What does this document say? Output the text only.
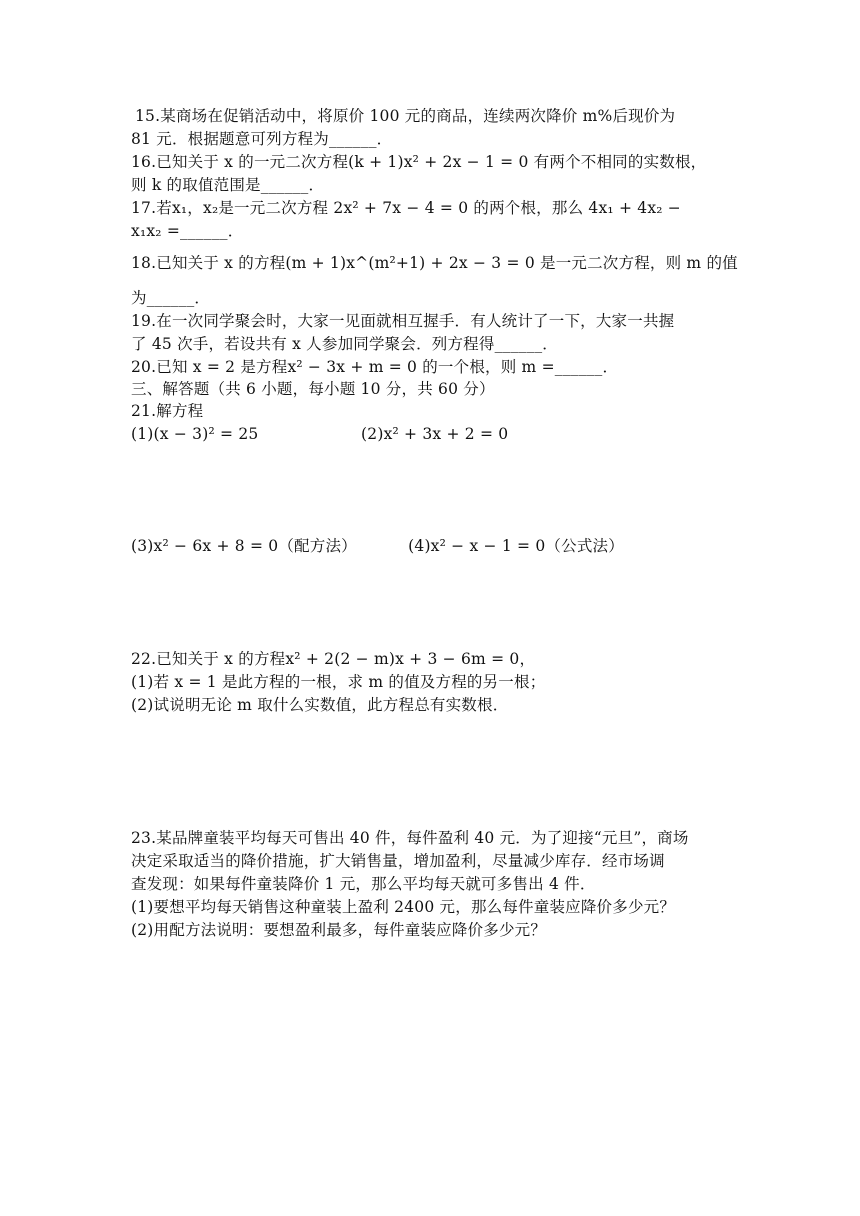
15.某商场在促销活动中，将原价 100 元的商品，连续两次降价 m%后现价为
81 元．根据题意可列方程为______．
16.已知关于 x 的一元二次方程(k + 1)x² + 2x − 1 = 0 有两个不相同的实数根，
则 k 的取值范围是______．
17.若x₁，x₂是一元二次方程 2x² + 7x − 4 = 0 的两个根，那么 4x₁ + 4x₂ −
x₁x₂ =______．
18.已知关于 x 的方程(m + 1)x^(m²+1) + 2x − 3 = 0 是一元二次方程，则 m 的值
为______．
19.在一次同学聚会时，大家一见面就相互握手．有人统计了一下，大家一共握
了 45 次手，若设共有 x 人参加同学聚会．列方程得______．
20.已知 x = 2 是方程x² − 3x + m = 0 的一个根，则 m =______．
三、解答题（共 6 小题，每小题 10 分，共 60 分）
21.解方程
(1)(x − 3)² = 25                    (2)x² + 3x + 2 = 0
(3)x² − 6x + 8 = 0（配方法）          (4)x² − x − 1 = 0（公式法）
22.已知关于 x 的方程x² + 2(2 − m)x + 3 − 6m = 0，
(1)若 x = 1 是此方程的一根，求 m 的值及方程的另一根；
(2)试说明无论 m 取什么实数值，此方程总有实数根．
23.某品牌童装平均每天可售出 40 件，每件盈利 40 元．为了迎接“元旦”，商场
决定采取适当的降价措施，扩大销售量，增加盈利，尽量减少库存．经市场调
查发现：如果每件童装降价 1 元，那么平均每天就可多售出 4 件．
(1)要想平均每天销售这种童装上盈利 2400 元，那么每件童装应降价多少元？
(2)用配方法说明：要想盈利最多，每件童装应降价多少元？
